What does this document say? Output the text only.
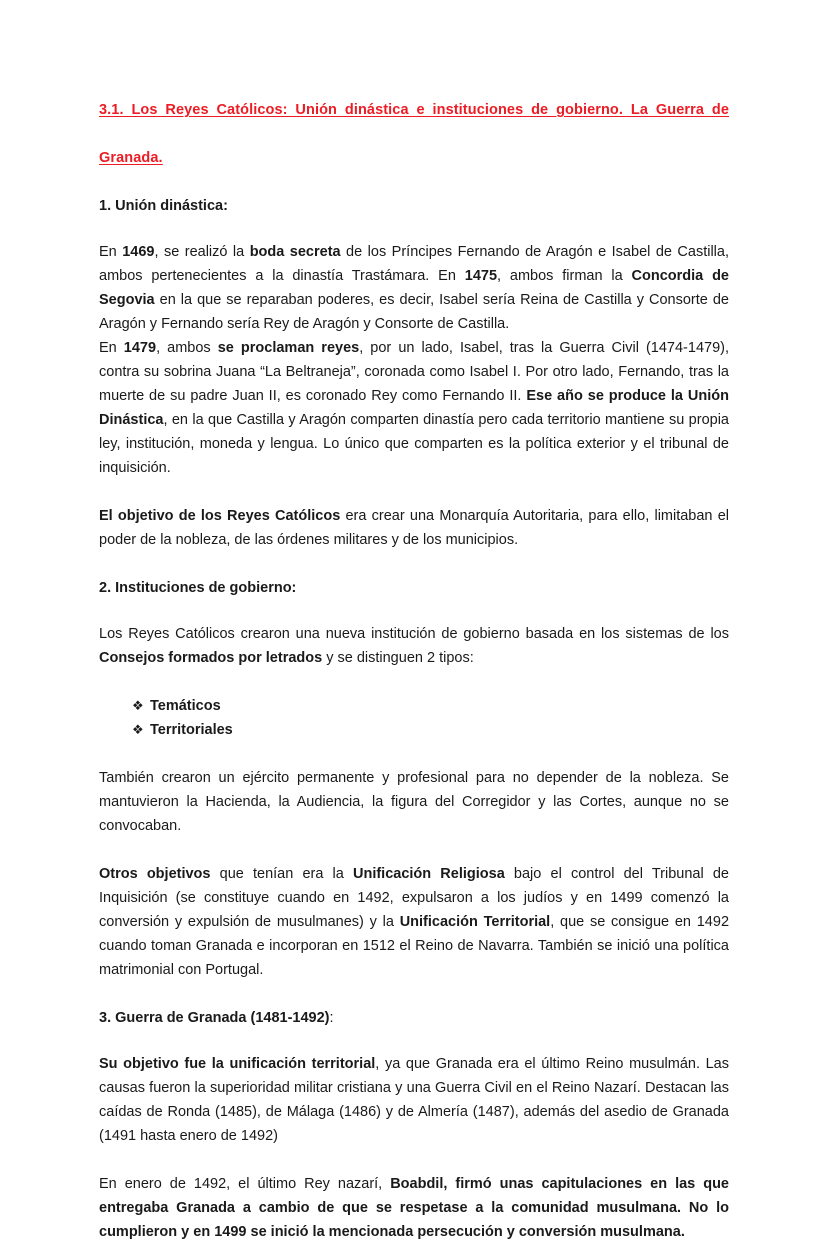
3.1. Los Reyes Católicos: Unión dinástica e instituciones de gobierno. La Guerra de
Granada.
1. Unión dinástica:

En 1469, se realizó la boda secreta de los Príncipes Fernando de Aragón e Isabel de Castilla, ambos pertenecientes a la dinastía Trastámara. En 1475, ambos firman la Concordia de Segovia en la que se reparaban poderes, es decir, Isabel sería Reina de Castilla y Consorte de Aragón y Fernando sería Rey de Aragón y Consorte de Castilla.

En 1479, ambos se proclaman reyes, por un lado, Isabel, tras la Guerra Civil (1474-1479), contra su sobrina Juana “La Beltraneja”, coronada como Isabel I. Por otro lado, Fernando, tras la muerte de su padre Juan II, es coronado Rey como Fernando II. Ese año se produce la Unión Dinástica, en la que Castilla y Aragón comparten dinastía pero cada territorio mantiene su propia ley, institución, moneda y lengua. Lo único que comparten es la política exterior y el tribunal de inquisición.

El objetivo de los Reyes Católicos era crear una Monarquía Autoritaria, para ello, limitaban el poder de la nobleza, de las órdenes militares y de los municipios.

2. Instituciones de gobierno:

Los Reyes Católicos crearon una nueva institución de gobierno basada en los sistemas de los Consejos formados por letrados y se distinguen 2 tipos:

❖ Temáticos
❖ Territoriales

También crearon un ejército permanente y profesional para no depender de la nobleza. Se mantuvieron la Hacienda, la Audiencia, la figura del Corregidor y las Cortes, aunque no se convocaban.

Otros objetivos que tenían era la Unificación Religiosa bajo el control del Tribunal de Inquisición (se constituye cuando en 1492, expulsaron a los judíos y en 1499 comenzó la conversión y expulsión de musulmanes) y la Unificación Territorial, que se consigue en 1492 cuando toman Granada e incorporan en 1512 el Reino de Navarra. También se inició una política matrimonial con Portugal.

3. Guerra de Granada (1481-1492):

Su objetivo fue la unificación territorial, ya que Granada era el último Reino musulmán. Las causas fueron la superioridad militar cristiana y una Guerra Civil en el Reino Nazarí. Destacan las caídas de Ronda (1485), de Málaga (1486) y de Almería (1487), además del asedio de Granada (1491 hasta enero de 1492)

En enero de 1492, el último Rey nazarí, Boabdil, firmó unas capitulaciones en las que entregaba Granada a cambio de que se respetase a la comunidad musulmana. No lo cumplieron y en 1499 se inició la mencionada persecución y conversión musulmana.
